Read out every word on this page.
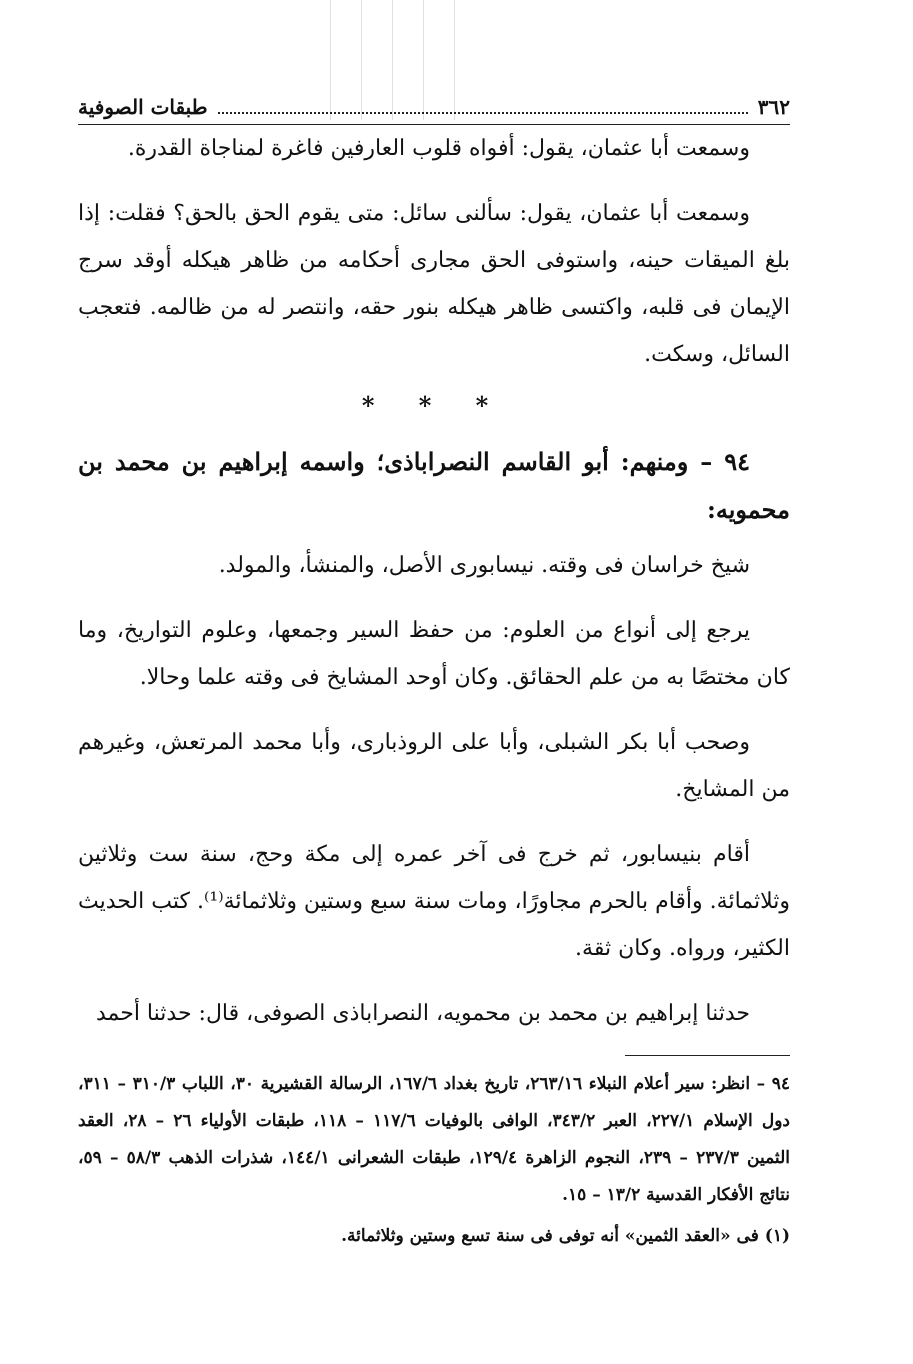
٣٦٢
طبقات الصوفية

وسمعت أبا عثمان، يقول: أفواه قلوب العارفين فاغرة لمناجاة القدرة.

وسمعت أبا عثمان، يقول: سألنى سائل: متى يقوم الحق بالحق؟ فقلت: إذا بلغ الميقات حينه، واستوفى الحق مجارى أحكامه من ظاهر هيكله أوقد سرج الإيمان فى قلبه، واكتسى ظاهر هيكله بنور حقه، وانتصر له من ظالمه. فتعجب السائل، وسكت.

* * *

٩٤ – ومنهم: أبو القاسم النصراباذى؛ واسمه إبراهيم بن محمد بن محمويه:

شيخ خراسان فى وقته. نيسابورى الأصل، والمنشأ، والمولد.

يرجع إلى أنواع من العلوم: من حفظ السير وجمعها، وعلوم التواريخ، وما كان مختصًا به من علم الحقائق. وكان أوحد المشايخ فى وقته علما وحالا.

وصحب أبا بكر الشبلى، وأبا على الروذبارى، وأبا محمد المرتعش، وغيرهم من المشايخ.

أقام بنيسابور، ثم خرج فى آخر عمره إلى مكة وحج، سنة ست وثلاثين وثلاثمائة. وأقام بالحرم مجاورًا، ومات سنة سبع وستين وثلاثمائة⁽¹⁾. كتب الحديث الكثير، ورواه. وكان ثقة.

حدثنا إبراهيم بن محمد بن محمويه، النصراباذى الصوفى، قال: حدثنا أحمد

٩٤ – انظر: سير أعلام النبلاء ٢٦٣/١٦، تاريخ بغداد ١٦٧/٦، الرسالة القشيرية ٣٠، اللباب ٣١٠/٣ – ٣١١، دول الإسلام ٢٢٧/١، العبر ٣٤٣/٢، الوافى بالوفيات ١١٧/٦ – ١١٨، طبقات الأولياء ٢٦ – ٢٨، العقد الثمين ٢٣٧/٣ – ٢٣٩، النجوم الزاهرة ١٢٩/٤، طبقات الشعرانى ١٤٤/١، شذرات الذهب ٥٨/٣ – ٥٩، نتائج الأفكار القدسية ١٣/٢ – ١٥.

(١) فى «العقد الثمين» أنه توفى فى سنة تسع وستين وثلاثمائة.
